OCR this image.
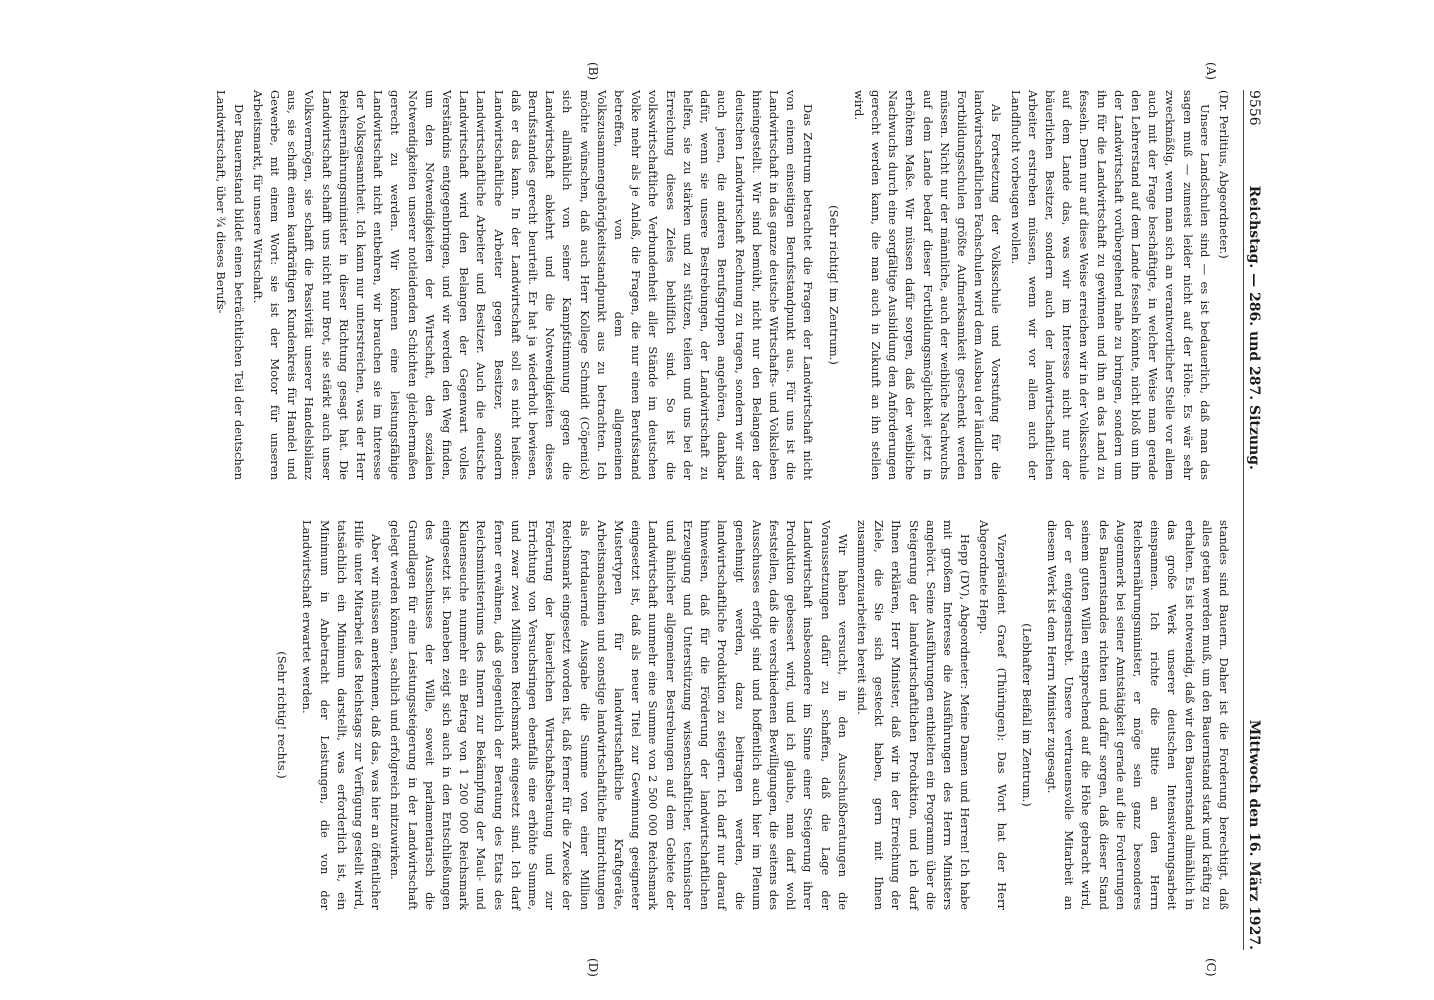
9556
Reichstag. — 286. und 287. Sitzung.
Mittwoch den 16. März 1927.
(A)
(B)
(C)
(D)

(Dr. Perlitius, Abgeordneter.)

Unsere Landschulen sind — es ist bedauerlich, daß man das sagen muß — zumeist leider nicht auf der Höhe. Es wär sehr zweckmäßig, wenn man sich an verantwortlicher Stelle vor allem auch mit der Frage beschäftigte, in welcher Weise man gerade den Lehrerstand auf dem Lande fesseln könnte, nicht bloß um ihn der Landwirtschaft vorübergehend nahe zu bringen, sondern um ihn für die Landwirtschaft zu gewinnen und ihn an das Land zu fesseln. Denn nur auf diese Weise erreichen wir in der Volksschule auf dem Lande das, was wir im Interesse nicht nur der bäuerlichen Besitzer, sondern auch der landwirtschaftlichen Arbeiter erstreben müssen, wenn wir vor allem auch der Landflucht vorbeugen wollen.

Als Fortsetzung der Volksschule und Vorstufung für die landwirtschaftlichen Fachschulen wird dem Ausbau der ländlichen Fortbildungsschulen größte Aufmerksamkeit geschenkt werden müssen. Nicht nur der männliche, auch der weibliche Nachwuchs auf dem Lande bedarf dieser Fortbildungsmöglichkeit jetzt in erhöhtem Maße. Wir müssen dafür sorgen, daß der weibliche Nachwuchs durch eine sorgfältige Ausbildung den Anforderungen gerecht werden kann, die man auch in Zukunft an ihn stellen wird.

(Sehr richtig! im Zentrum.)

Das Zentrum betrachtet die Fragen der Landwirtschaft nicht von einem einseitigen Berufsstandpunkt aus. Für uns ist die Landwirtschaft in das ganze deutsche Wirtschafts- und Volksleben hineingestellt. Wir sind bemüht, nicht nur den Belangen der deutschen Landwirtschaft Rechnung zu tragen, sondern wir sind auch jenen, die anderen Berufsgruppen angehören, dankbar dafür, wenn sie unsere Bestrebungen, der Landwirtschaft zu helfen, sie zu stärken und zu stützen, teilen und uns bei der Erreichung dieses Zieles behilflich sind. So ist die volkswirtschaftliche Verbundenheit aller Stände im deutschen Volke mehr als je Anlaß, die Fragen, die nur einen Berufsstand betreffen, von dem allgemeinen Volkszusammengehörigkeitsstandpunkt aus zu betrachten. Ich möchte wünschen, daß auch Herr Kollege Schmidt (Cöpenick) sich allmählich von seiner Kampfstimmung gegen die Landwirtschaft abkehrt und die Notwendigkeiten dieses Berufsstandes gerecht beurteilt. Er hat ja wiederholt bewiesen, daß er das kann. In der Landwirtschaft soll es nicht heißen: Landwirtschaftliche Arbeiter gegen Besitzer, sondern Landwirtschaftliche Arbeiter und Besitzer. Auch die deutsche Landwirtschaft wird den Belangen der Gegenwart volles Verständnis entgegenbringen, und wir werden den Weg finden, um den Notwendigkeiten der Wirtschaft, den sozialen Notwendigkeiten unserer notleidenden Schichten gleichermaßen gerecht zu werden. Wir können eine leistungsfähige Landwirtschaft nicht entbehren, wir brauchen sie im Interesse der Volksgesamtheit. Ich kann nur unterstreichen, was der Herr Reichsernährungsminister in dieser Richtung gesagt hat. Die Landwirtschaft schafft uns nicht nur Brot, sie stärkt auch unser Volksvermögen, sie schafft die Passivität unserer Handelsbilanz aus, sie schafft einen kaufkräftigen Kundenkreis für Handel und Gewerbe, mit einem Wort: sie ist der Motor für unseren Arbeitsmarkt, für unsere Wirtschaft.

Der Bauernstand bildet einen beträchtlichen Teil der deutschen Landwirtschaft, über ¾ dieses Berufs-

standes sind Bauern. Daher ist die Forderung berechtigt, daß alles getan werden muß, um den Bauernstand stark und kräftig zu erhalten. Es ist notwendig, daß wir den Bauernstand allmählich in das große Werk unserer deutschen Intensivierungsarbeit einspannen. Ich richte die Bitte an den Herrn Reichsernährungsminister, er möge sein ganz besonderes Augenmerk bei seiner Amtstätigkeit gerade auf die Forderungen des Bauernstandes richten und dafür sorgen, daß dieser Stand seinem guten Willen entsprechend auf die Höhe gebracht wird, der er entgegenstrebt. Unsere vertrauensvolle Mitarbeit an diesem Werk ist dem Herrn Minister zugesagt.

(Lebhafter Beifall im Zentrum.)

Vizepräsident Graef (Thüringen): Das Wort hat der Herr Abgeordnete Hepp.

Hepp (DV), Abgeordneter: Meine Damen und Herren! Ich habe mit großem Interesse die Ausführungen des Herrn Ministers angehört. Seine Ausführungen enthielten ein Programm über die Steigerung der landwirtschaftlichen Produktion, und ich darf Ihnen erklären, Herr Minister, daß wir in der Erreichung der Ziele, die Sie sich gesteckt haben, gern mit Ihnen zusammenzuarbeiten bereit sind.

Wir haben versucht, in den Ausschußberatungen die Voraussetzungen dafür zu schaffen, daß die Lage der Landwirtschaft insbesondere im Sinne einer Steigerung ihrer Produktion gebessert wird, und ich glaube, man darf wohl feststellen, daß die verschiedenen Bewilligungen, die seitens des Ausschusses erfolgt sind und hoffentlich auch hier im Plenum genehmigt werden, dazu beitragen werden, die landwirtschaftliche Produktion zu steigern. Ich darf nur darauf hinweisen, daß für die Förderung der landwirtschaftlichen Erzeugung und Unterstützung wissenschaftlicher, technischer und ähnlicher allgemeiner Bestrebungen auf dem Gebiete der Landwirtschaft nunmehr eine Summe von 2 500 000 Reichsmark eingesetzt ist, daß als neuer Titel zur Gewinnung geeigneter Mustertypen für landwirtschaftliche Kraftgeräte, Arbeitsmaschinen und sonstige landwirtschaftliche Einrichtungen als fortdauernde Ausgabe die Summe von einer Million Reichsmark eingesetzt worden ist, daß ferner für die Zwecke der Förderung der bäuerlichen Wirtschaftsberatung und zur Errichtung von Versuchsringen ebenfalls eine erhöhte Summe, und zwar zwei Millionen Reichsmark eingesetzt sind. Ich darf ferner erwähnen, daß gelegentlich der Beratung des Etats des Reichsministeriums des Innern zur Bekämpfung der Maul- und Klauenseuche nunmehr ein Betrag von 1 200 000 Reichsmark eingesetzt ist. Daneben zeigt sich auch in den Entschließungen des Ausschusses der Wille, soweit parlamentarisch die Grundlagen für eine Leistungssteigerung in der Landwirtschaft gelegt werden können, sachlich und erfolgreich mitzuwirken.

Aber wir müssen anerkennen, daß das, was hier an öffentlicher Hilfe unter Mitarbeit des Reichstags zur Verfügung gestellt wird, tatsächlich ein Minimum darstellt, was erforderlich ist, ein Minimum in Anbetracht der Leistungen, die von der Landwirtschaft erwartet werden.

(Sehr richtig! rechts.)
